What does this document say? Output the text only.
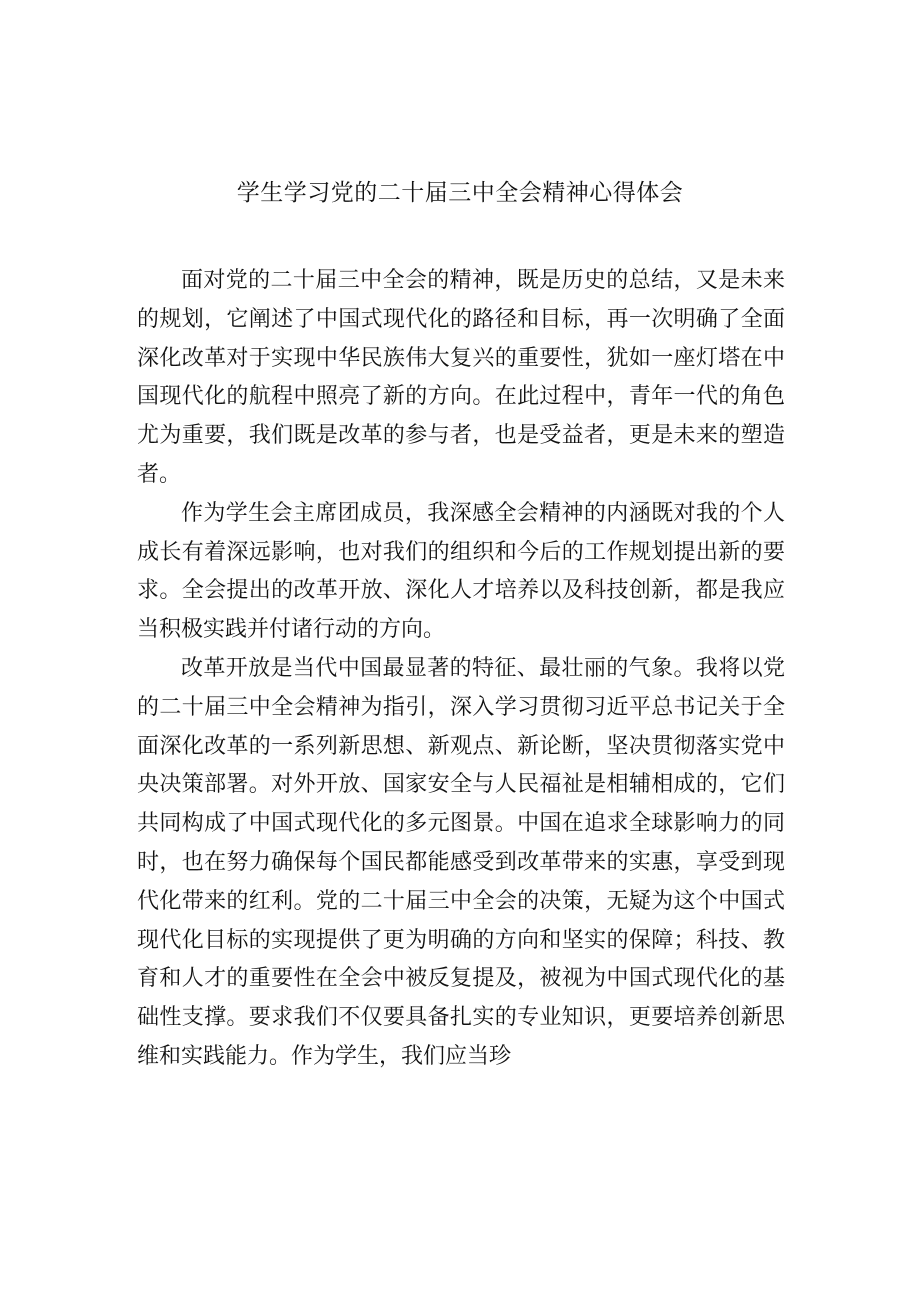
学生学习党的二十届三中全会精神心得体会

面对党的二十届三中全会的精神，既是历史的总结，又是未来的规划，它阐述了中国式现代化的路径和目标，再一次明确了全面深化改革对于实现中华民族伟大复兴的重要性，犹如一座灯塔在中国现代化的航程中照亮了新的方向。在此过程中，青年一代的角色尤为重要，我们既是改革的参与者，也是受益者，更是未来的塑造者。

作为学生会主席团成员，我深感全会精神的内涵既对我的个人成长有着深远影响，也对我们的组织和今后的工作规划提出新的要求。全会提出的改革开放、深化人才培养以及科技创新，都是我应当积极实践并付诸行动的方向。

改革开放是当代中国最显著的特征、最壮丽的气象。我将以党的二十届三中全会精神为指引，深入学习贯彻习近平总书记关于全面深化改革的一系列新思想、新观点、新论断，坚决贯彻落实党中央决策部署。对外开放、国家安全与人民福祉是相辅相成的，它们共同构成了中国式现代化的多元图景。中国在追求全球影响力的同时，也在努力确保每个国民都能感受到改革带来的实惠，享受到现代化带来的红利。党的二十届三中全会的决策，无疑为这个中国式现代化目标的实现提供了更为明确的方向和坚实的保障；科技、教育和人才的重要性在全会中被反复提及，被视为中国式现代化的基础性支撑。要求我们不仅要具备扎实的专业知识，更要培养创新思维和实践能力。作为学生，我们应当珍
